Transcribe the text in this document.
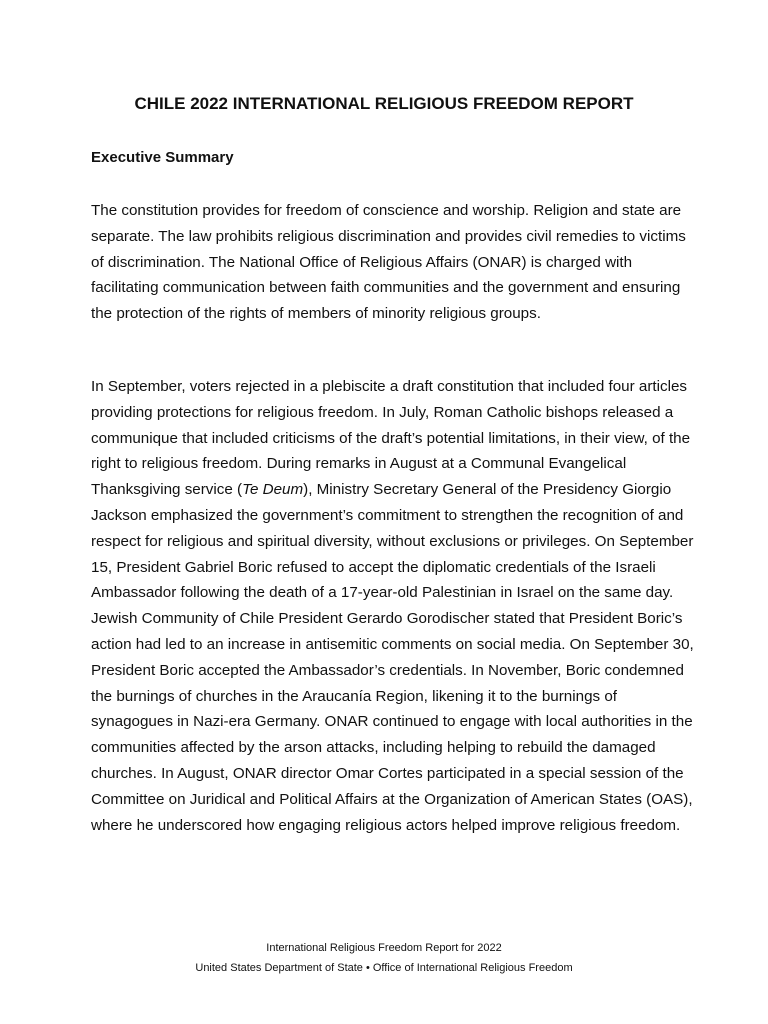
CHILE 2022 INTERNATIONAL RELIGIOUS FREEDOM REPORT
Executive Summary

The constitution provides for freedom of conscience and worship. Religion and state are separate. The law prohibits religious discrimination and provides civil remedies to victims of discrimination. The National Office of Religious Affairs (ONAR) is charged with facilitating communication between faith communities and the government and ensuring the protection of the rights of members of minority religious groups.

In September, voters rejected in a plebiscite a draft constitution that included four articles providing protections for religious freedom. In July, Roman Catholic bishops released a communique that included criticisms of the draft’s potential limitations, in their view, of the right to religious freedom. During remarks in August at a Communal Evangelical Thanksgiving service (Te Deum), Ministry Secretary General of the Presidency Giorgio Jackson emphasized the government’s commitment to strengthen the recognition of and respect for religious and spiritual diversity, without exclusions or privileges. On September 15, President Gabriel Boric refused to accept the diplomatic credentials of the Israeli Ambassador following the death of a 17-year-old Palestinian in Israel on the same day. Jewish Community of Chile President Gerardo Gorodischer stated that President Boric’s action had led to an increase in antisemitic comments on social media. On September 30, President Boric accepted the Ambassador’s credentials. In November, Boric condemned the burnings of churches in the Araucanía Region, likening it to the burnings of synagogues in Nazi-era Germany. ONAR continued to engage with local authorities in the communities affected by the arson attacks, including helping to rebuild the damaged churches. In August, ONAR director Omar Cortes participated in a special session of the Committee on Juridical and Political Affairs at the Organization of American States (OAS), where he underscored how engaging religious actors helped improve religious freedom.

International Religious Freedom Report for 2022

United States Department of State • Office of International Religious Freedom
